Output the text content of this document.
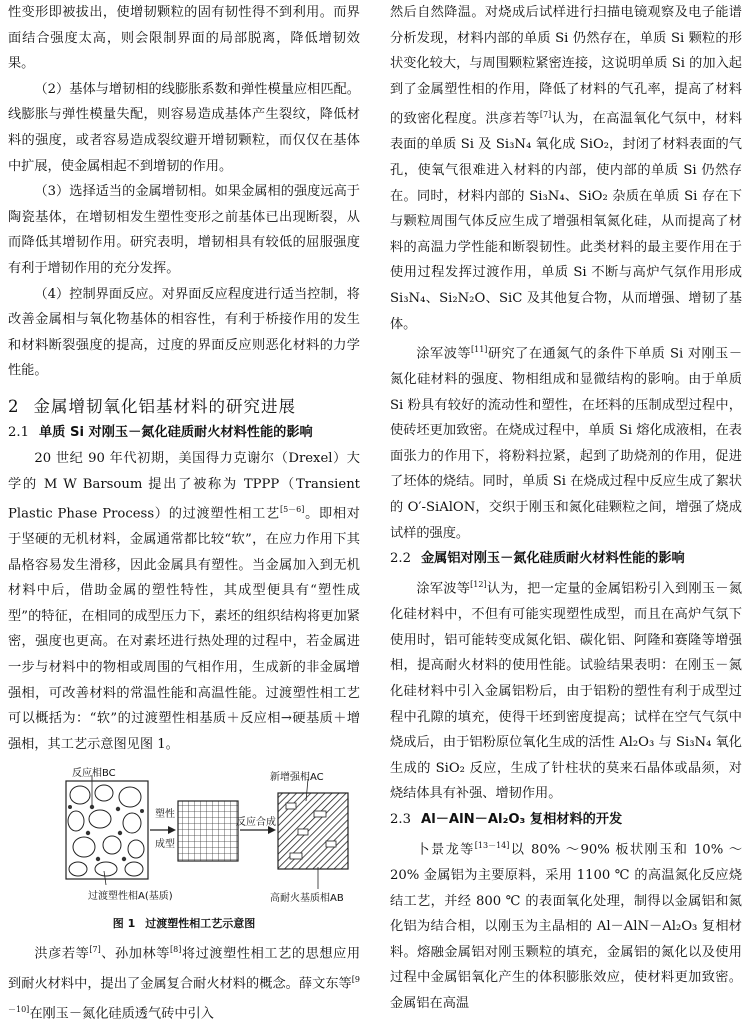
性变形即被拔出，使增韧颗粒的固有韧性得不到利用。而界面结合强度太高，则会限制界面的局部脱离，降低增韧效果。

（2）基体与增韧相的线膨胀系数和弹性模量应相匹配。线膨胀与弹性模量失配，则容易造成基体产生裂纹，降低材料的强度，或者容易造成裂纹避开增韧颗粒，而仅仅在基体中扩展，使金属相起不到增韧的作用。

（3）选择适当的金属增韧相。如果金属相的强度远高于陶瓷基体，在增韧相发生塑性变形之前基体已出现断裂，从而降低其增韧作用。研究表明，增韧相具有较低的屈服强度有利于增韧作用的充分发挥。

（4）控制界面反应。对界面反应程度进行适当控制，将改善金属相与氧化物基体的相容性，有利于桥接作用的发生和材料断裂强度的提高，过度的界面反应则恶化材料的力学性能。

2 金属增韧氧化铝基材料的研究进展
2.1 单质 Si 对刚玉－氮化硅质耐火材料性能的影响

20 世纪 90 年代初期，美国得力克谢尔（Drexel）大学的 M W Barsoum 提出了被称为 TPPP（Transient Plastic Phase Process）的过渡塑性相工艺[5－6]。即相对于坚硬的无机材料，金属通常都比较“软”，在应力作用下其晶格容易发生滑移，因此金属具有塑性。当金属加入到无机材料中后，借助金属的塑性特性，其成型便具有“塑性成型”的特征，在相同的成型压力下，素坯的组织结构将更加紧密，强度也更高。在对素坯进行热处理的过程中，若金属进一步与材料中的物相或周围的气相作用，生成新的非金属增强相，可改善材料的常温性能和高温性能。过渡塑性相工艺可以概括为：“软”的过渡塑性相基质＋反应相→硬基质＋增强相，其工艺示意图见图 1。

反应相BC	新增强相AC
塑性
成型
反应合成
过渡塑性相A(基质)	高耐火基质相AB
图 1 过渡塑性相工艺示意图

洪彦若等[7]、孙加林等[8]将过渡塑性相工艺的思想应用到耐火材料中，提出了金属复合耐火材料的概念。薛文东等[9－10]在刚玉－氮化硅质透气砖中引入

然后自然降温。对烧成后试样进行扫描电镜观察及电子能谱分析发现，材料内部的单质 Si 仍然存在，单质 Si 颗粒的形状变化较大，与周围颗粒紧密连接，这说明单质 Si 的加入起到了金属塑性相的作用，降低了材料的气孔率，提高了材料的致密化程度。洪彦若等[7]认为，在高温氧化气氛中，材料表面的单质 Si 及 Si₃N₄ 氧化成 SiO₂，封闭了材料表面的气孔，使氧气很难进入材料的内部，使内部的单质 Si 仍然存在。同时，材料内部的 Si₃N₄、SiO₂ 杂质在单质 Si 存在下与颗粒周围气体反应生成了增强相氧氮化硅，从而提高了材料的高温力学性能和断裂韧性。此类材料的最主要作用在于使用过程发挥过渡作用，单质 Si 不断与高炉气氛作用形成 Si₃N₄、Si₂N₂O、SiC 及其他复合物，从而增强、增韧了基体。

涂军波等[11]研究了在通氮气的条件下单质 Si 对刚玉－氮化硅材料的强度、物相组成和显微结构的影响。由于单质 Si 粉具有较好的流动性和塑性，在坯料的压制成型过程中，使砖坯更加致密。在烧成过程中，单质 Si 熔化成液相，在表面张力的作用下，将粉料拉紧，起到了助烧剂的作用，促进了坯体的烧结。同时，单质 Si 在烧成过程中反应生成了絮状的 O′-SiAlON，交织于刚玉和氮化硅颗粒之间，增强了烧成试样的强度。

2.2 金属铝对刚玉－氮化硅质耐火材料性能的影响

涂军波等[12]认为，把一定量的金属铝粉引入到刚玉－氮化硅材料中，不但有可能实现塑性成型，而且在高炉气氛下使用时，铝可能转变成氮化铝、碳化铝、阿隆和赛隆等增强相，提高耐火材料的使用性能。试验结果表明：在刚玉－氮化硅材料中引入金属铝粉后，由于铝粉的塑性有利于成型过程中孔隙的填充，使得干坯到密度提高；试样在空气气氛中烧成后，由于铝粉原位氧化生成的活性 Al₂O₃ 与 Si₃N₄ 氧化生成的 SiO₂ 反应，生成了针柱状的莫来石晶体或晶须，对烧结体具有补强、增韧作用。

2.3 Al－AlN－Al₂O₃ 复相材料的开发

卜景龙等[13－14]以 80% ～90% 板状刚玉和 10% ～20% 金属铝为主要原料，采用 1100 ℃ 的高温氮化反应烧结工艺，并经 800 ℃ 的表面氧化处理，制得以金属铝和氮化铝为结合相，以刚玉为主晶相的 Al－AlN－Al₂O₃ 复相材料。熔融金属铝对刚玉颗粒的填充，金属铝的氮化以及使用过程中金属铝氧化产生的体积膨胀效应，使材料更加致密。金属铝在高温
